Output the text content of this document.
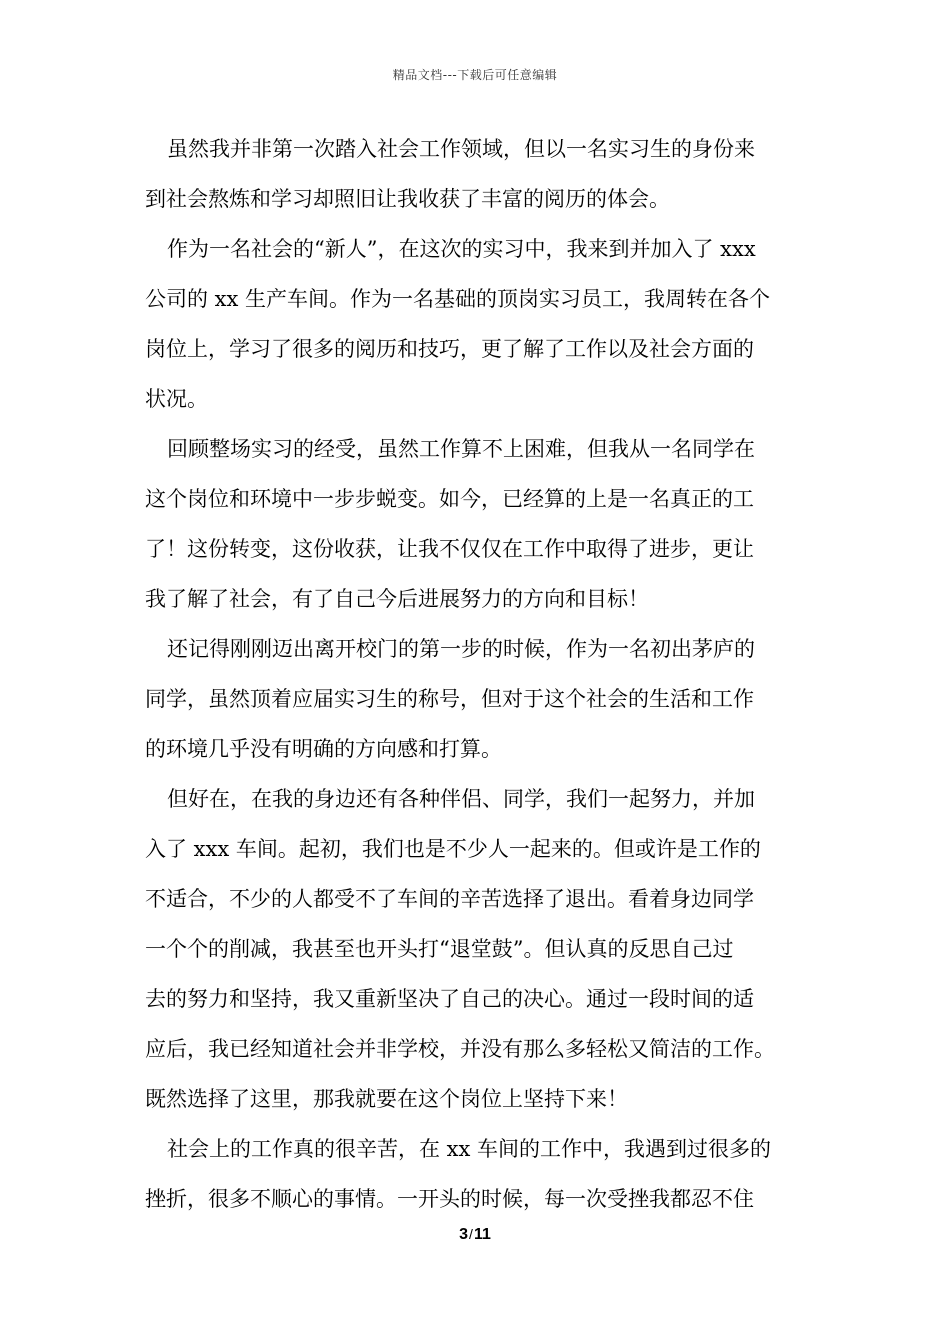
精品文档---下载后可任意编辑
虽然我并非第一次踏入社会工作领域，但以一名实习生的身份来
到社会熬炼和学习却照旧让我收获了丰富的阅历的体会。
作为一名社会的“新人”，在这次的实习中，我来到并加入了 xxx
公司的 xx 生产车间。作为一名基础的顶岗实习员工，我周转在各个
岗位上，学习了很多的阅历和技巧，更了解了工作以及社会方面的
状况。
回顾整场实习的经受，虽然工作算不上困难，但我从一名同学在
这个岗位和环境中一步步蜕变。如今，已经算的上是一名真正的工
了！这份转变，这份收获，让我不仅仅在工作中取得了进步，更让
我了解了社会，有了自己今后进展努力的方向和目标！
还记得刚刚迈出离开校门的第一步的时候，作为一名初出茅庐的
同学，虽然顶着应届实习生的称号，但对于这个社会的生活和工作
的环境几乎没有明确的方向感和打算。
但好在，在我的身边还有各种伴侣、同学，我们一起努力，并加
入了 xxx 车间。起初，我们也是不少人一起来的。但或许是工作的
不适合，不少的人都受不了车间的辛苦选择了退出。看着身边同学
一个个的削减，我甚至也开头打“退堂鼓”。但认真的反思自己过
去的努力和坚持，我又重新坚决了自己的决心。通过一段时间的适
应后，我已经知道社会并非学校，并没有那么多轻松又简洁的工作。
既然选择了这里，那我就要在这个岗位上坚持下来！
社会上的工作真的很辛苦，在 xx 车间的工作中，我遇到过很多的
挫折，很多不顺心的事情。一开头的时候，每一次受挫我都忍不住
3/11
